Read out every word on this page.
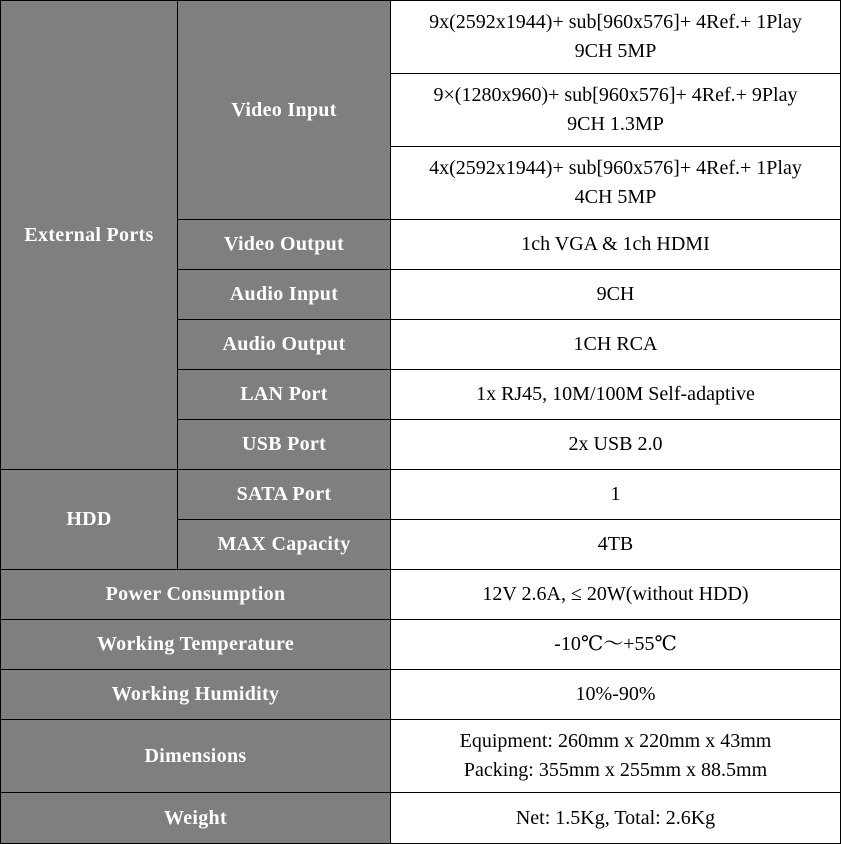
External Ports	Video Input	9x(2592x1944)+ sub[960x576]+ 4Ref.+ 1Play
9CH 5MP

		9×(1280x960)+ sub[960x576]+ 4Ref.+ 9Play
9CH 1.3MP

		4x(2592x1944)+ sub[960x576]+ 4Ref.+ 1Play
4CH 5MP

	Video Output	1ch VGA & 1ch HDMI
	Audio Input	9CH
	Audio Output	1CH RCA
	LAN Port	1x RJ45, 10M/100M Self-adaptive
	USB Port	2x USB 2.0

HDD	SATA Port	1
	MAX Capacity	4TB
Power Consumption		12V 2.6A, ≤ 20W(without HDD)
Working Temperature		-10℃～+55℃
Working Humidity		10%-90%
Dimensions		Equipment: 260mm x 220mm x 43mm
Packing: 355mm x 255mm x 88.5mm

Weight		Net: 1.5Kg, Total: 2.6Kg
